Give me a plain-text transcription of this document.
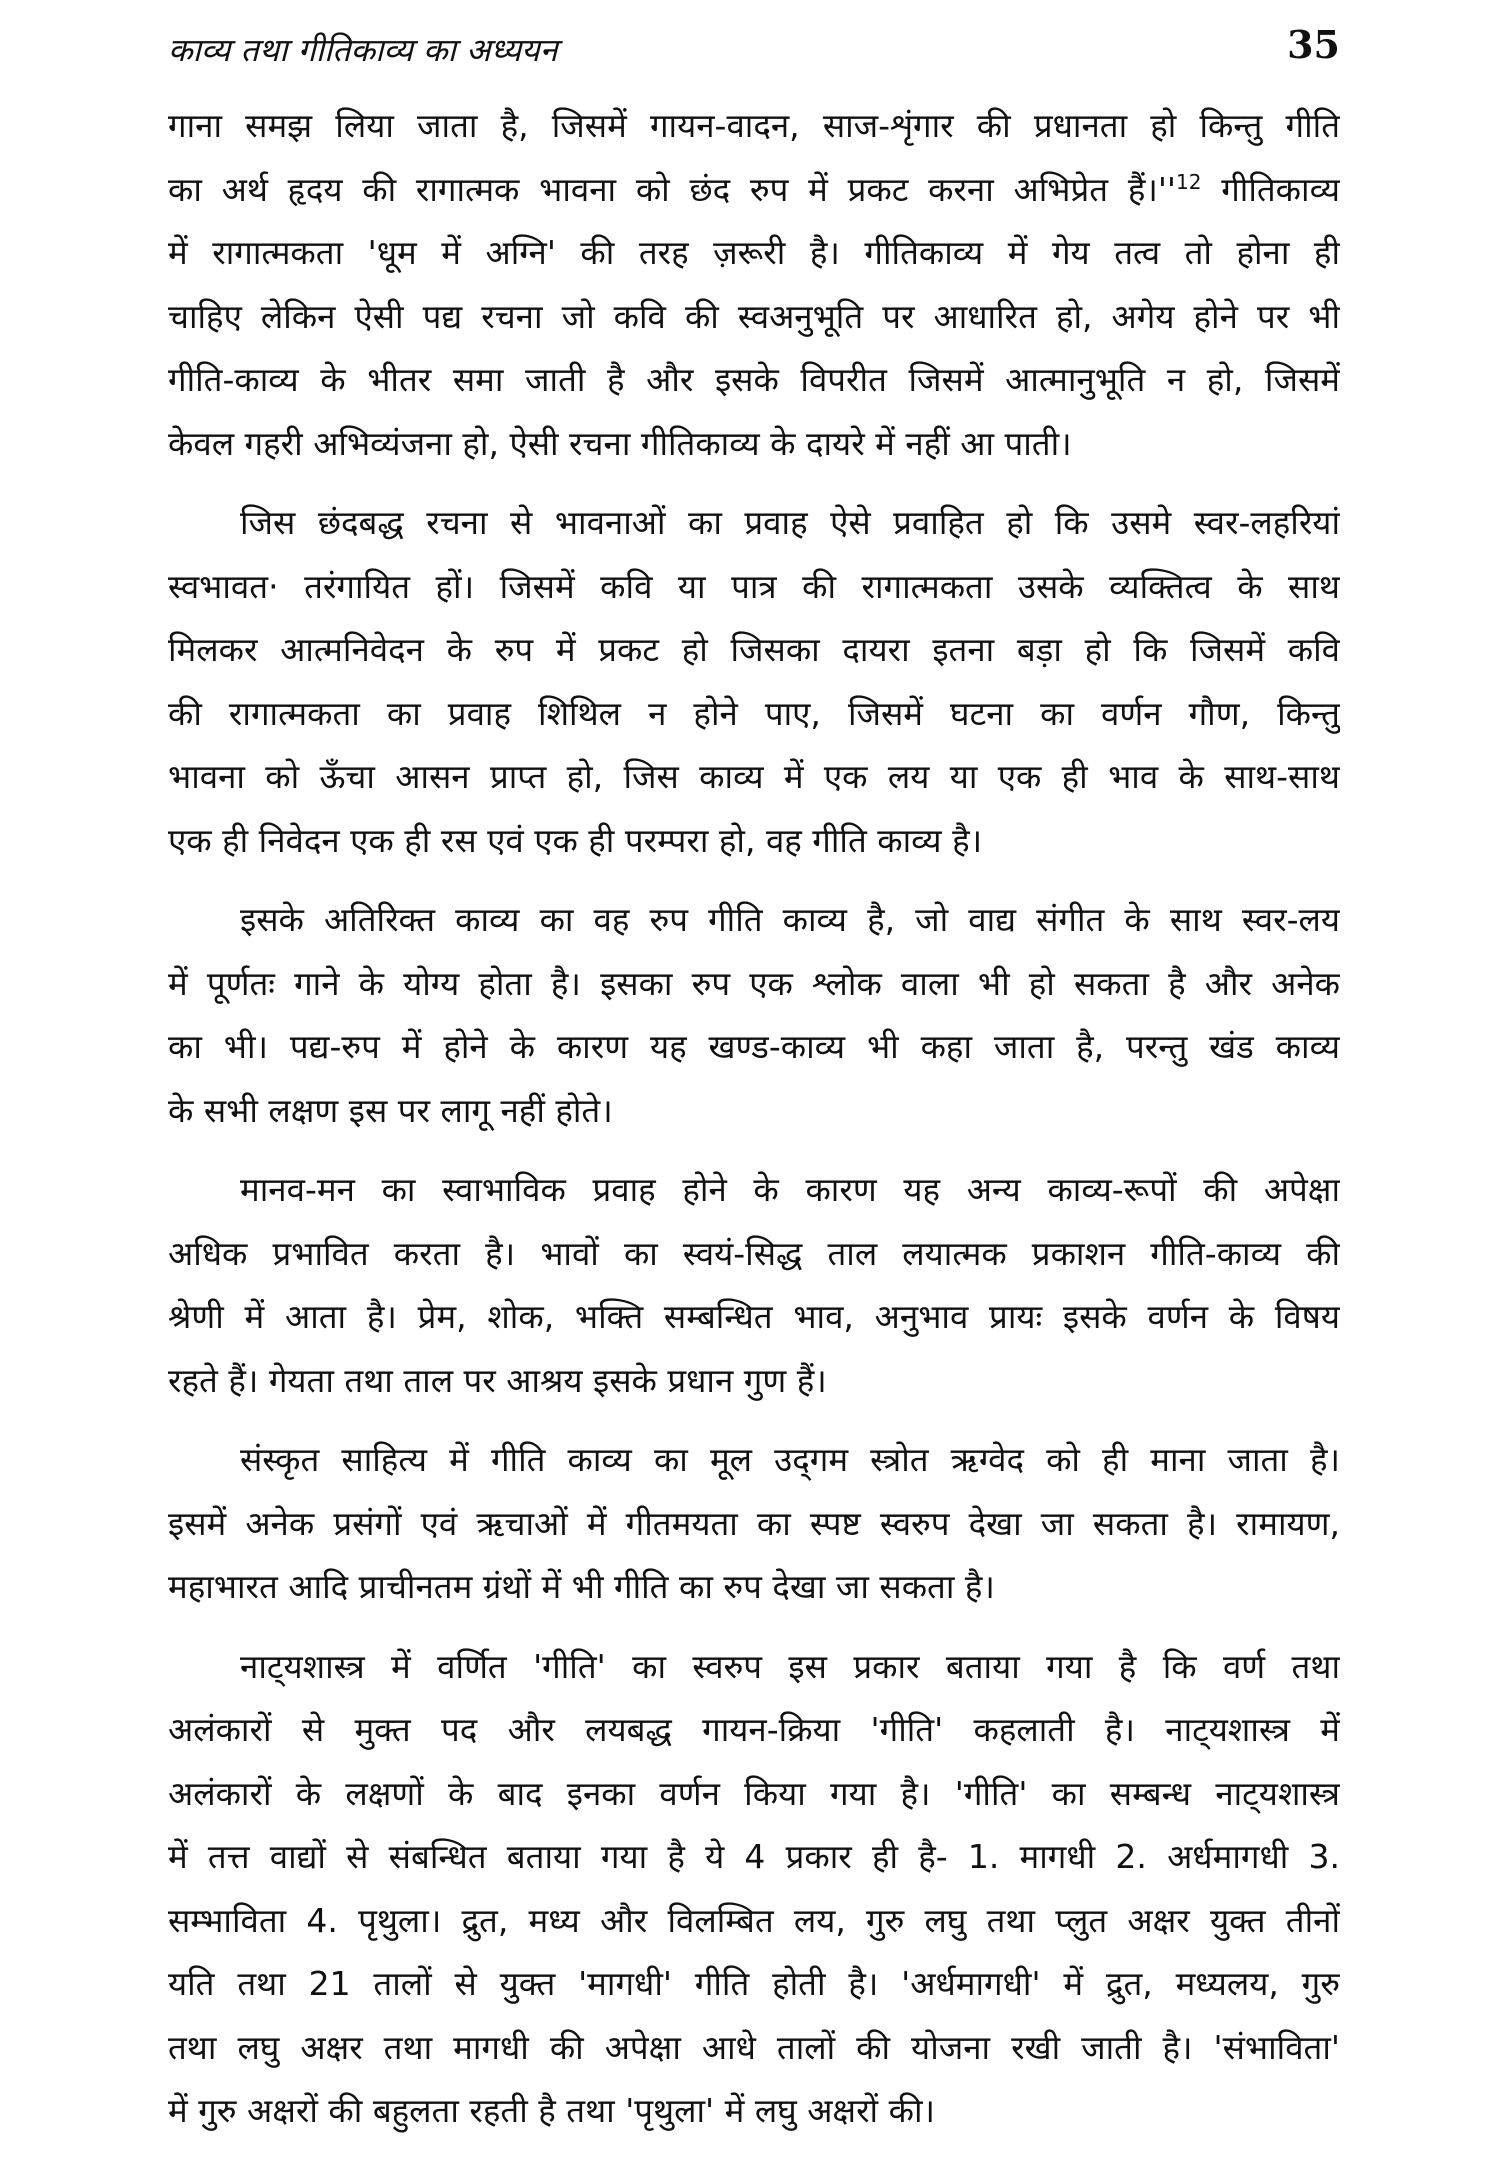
काव्य तथा गीतिकाव्य का अध्ययन	35
गाना समझ लिया जाता है, जिसमें गायन-वादन, साज-शृंगार की प्रधानता हो किन्तु गीति
का अर्थ हृदय की रागात्मक भावना को छंद रुप में प्रकट करना अभिप्रेत हैं।''$^{12}$ गीतिकाव्य
में रागात्मकता 'धूम में अग्नि' की तरह ज़रूरी है। गीतिकाव्य में गेय तत्व तो होना ही
चाहिए लेकिन ऐसी पद्य रचना जो कवि की स्वअनुभूति पर आधारित हो, अगेय होने पर भी
गीति-काव्य के भीतर समा जाती है और इसके विपरीत जिसमें आत्मानुभूति न हो, जिसमें
केवल गहरी अभिव्यंजना हो, ऐसी रचना गीतिकाव्य के दायरे में नहीं आ पाती।
जिस छंदबद्ध रचना से भावनाओं का प्रवाह ऐसे प्रवाहित हो कि उसमे स्वर-लहरियां
स्वभावत· तरंगायित हों। जिसमें कवि या पात्र की रागात्मकता उसके व्यक्तित्व के साथ
मिलकर आत्मनिवेदन के रुप में प्रकट हो जिसका दायरा इतना बड़ा हो कि जिसमें कवि
की रागात्मकता का प्रवाह शिथिल न होने पाए, जिसमें घटना का वर्णन गौण, किन्तु
भावना को ऊँचा आसन प्राप्त हो, जिस काव्य में एक लय या एक ही भाव के साथ-साथ
एक ही निवेदन एक ही रस एवं एक ही परम्परा हो, वह गीति काव्य है।
इसके अतिरिक्त काव्य का वह रुप गीति काव्य है, जो वाद्य संगीत के साथ स्वर-लय
में पूर्णतः गाने के योग्य होता है। इसका रुप एक श्लोक वाला भी हो सकता है और अनेक
का भी। पद्य-रुप में होने के कारण यह खण्ड-काव्य भी कहा जाता है, परन्तु खंड काव्य
के सभी लक्षण इस पर लागू नहीं होते।
मानव-मन का स्वाभाविक प्रवाह होने के कारण यह अन्य काव्य-रूपों की अपेक्षा
अधिक प्रभावित करता है। भावों का स्वयं-सिद्ध ताल लयात्मक प्रकाशन गीति-काव्य की
श्रेणी में आता है। प्रेम, शोक, भक्ति सम्बन्धित भाव, अनुभाव प्रायः इसके वर्णन के विषय
रहते हैं। गेयता तथा ताल पर आश्रय इसके प्रधान गुण हैं।
संस्कृत साहित्य में गीति काव्य का मूल उद्‌गम स्त्रोत ऋग्वेद को ही माना जाता है।
इसमें अनेक प्रसंगों एवं ऋचाओं में गीतमयता का स्पष्ट स्वरुप देखा जा सकता है। रामायण,
महाभारत आदि प्राचीनतम ग्रंथों में भी गीति का रुप देखा जा सकता है।
नाट्‌यशास्त्र में वर्णित 'गीति' का स्वरुप इस प्रकार बताया गया है कि वर्ण तथा
अलंकारों से मुक्त पद और लयबद्ध गायन-क्रिया 'गीति' कहलाती है। नाट्‌यशास्त्र में
अलंकारों के लक्षणों के बाद इनका वर्णन किया गया है। 'गीति' का सम्बन्ध नाट्‌यशास्त्र
में तत्त वाद्यों से संबन्धित बताया गया है ये 4 प्रकार ही है- 1. मागधी 2. अर्धमागधी 3.
सम्भाविता 4. पृथुला। द्रुत, मध्य और विलम्बित लय, गुरु लघु तथा प्लुत अक्षर युक्त तीनों
यति तथा 21 तालों से युक्त 'मागधी' गीति होती है। 'अर्धमागधी' में द्रुत, मध्यलय, गुरु
तथा लघु अक्षर तथा मागधी की अपेक्षा आधे तालों की योजना रखी जाती है। 'संभाविता'
में गुरु अक्षरों की बहुलता रहती है तथा 'पृथुला' में लघु अक्षरों की।
